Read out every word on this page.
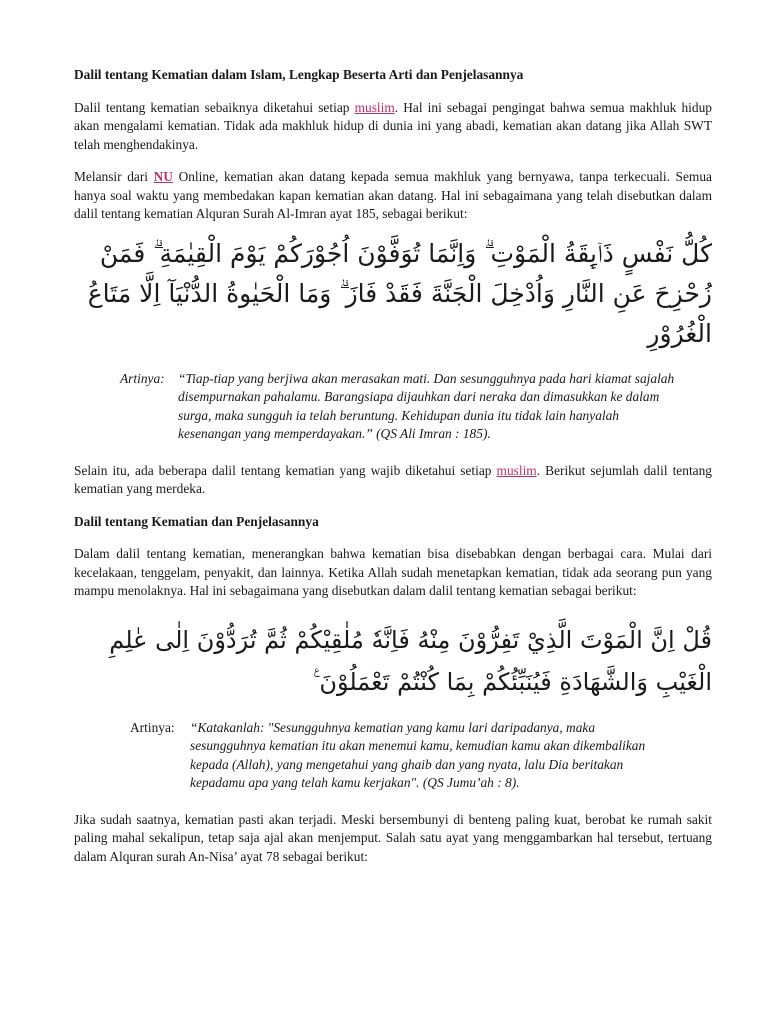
Dalil tentang Kematian dalam Islam, Lengkap Beserta Arti dan Penjelasannya

Dalil tentang kematian sebaiknya diketahui setiap muslim. Hal ini sebagai pengingat bahwa semua makhluk hidup akan mengalami kematian. Tidak ada makhluk hidup di dunia ini yang abadi, kematian akan datang jika Allah SWT telah menghendakinya.

Melansir dari NU Online, kematian akan datang kepada semua makhluk yang bernyawa, tanpa terkecuali. Semua hanya soal waktu yang membedakan kapan kematian akan datang. Hal ini sebagaimana yang telah disebutkan dalam dalil tentang kematian Alquran Surah Al-Imran ayat 185, sebagai berikut:

كُلُّ نَفْسٍ ذَاۤىِٕقَةُ الْمَوْتِ ۗ وَاِنَّمَا تُوَفَّوْنَ اُجُوْرَكُمْ يَوْمَ الْقِيٰمَةِ ۗ فَمَنْ زُحْزِحَ عَنِ النَّارِ وَاُدْخِلَ الْجَنَّةَ فَقَدْ فَازَ ۗ وَمَا الْحَيٰوةُ الدُّنْيَآ اِلَّا مَتَاعُ الْغُرُوْرِ
Artinya: “Tiap-tiap yang berjiwa akan merasakan mati. Dan sesungguhnya pada hari kiamat sajalah disempurnakan pahalamu. Barangsiapa dijauhkan dari neraka dan dimasukkan ke dalam surga, maka sungguh ia telah beruntung. Kehidupan dunia itu tidak lain hanyalah kesenangan yang memperdayakan.” (QS Ali Imran : 185).

Selain itu, ada beberapa dalil tentang kematian yang wajib diketahui setiap muslim. Berikut sejumlah dalil tentang kematian yang merdeka.

Dalil tentang Kematian dan Penjelasannya

Dalam dalil tentang kematian, menerangkan bahwa kematian bisa disebabkan dengan berbagai cara. Mulai dari kecelakaan, tenggelam, penyakit, dan lainnya. Ketika Allah sudah menetapkan kematian, tidak ada seorang pun yang mampu menolaknya. Hal ini sebagaimana yang disebutkan dalam dalil tentang kematian sebagai berikut:

قُلْ اِنَّ الْمَوْتَ الَّذِيْ تَفِرُّوْنَ مِنْهُ فَاِنَّهٗ مُلٰقِيْكُمْ ثُمَّ تُرَدُّوْنَ اِلٰى عٰلِمِ الْغَيْبِ وَالشَّهَادَةِ فَيُنَبِّئُكُمْ بِمَا كُنْتُمْ تَعْمَلُوْنَ ࣖ
Artinya:	“Katakanlah: "Sesungguhnya kematian yang kamu lari daripadanya, maka sesungguhnya kematian itu akan menemui kamu, kemudian kamu akan dikembalikan kepada (Allah), yang mengetahui yang ghaib dan yang nyata, lalu Dia beritakan kepadamu apa yang telah kamu kerjakan". (QS Jumu’ah : 8).

Jika sudah saatnya, kematian pasti akan terjadi. Meski bersembunyi di benteng paling kuat, berobat ke rumah sakit paling mahal sekalipun, tetap saja ajal akan menjemput. Salah satu ayat yang menggambarkan hal tersebut, tertuang dalam Alquran surah An-Nisa’ ayat 78 sebagai berikut:
